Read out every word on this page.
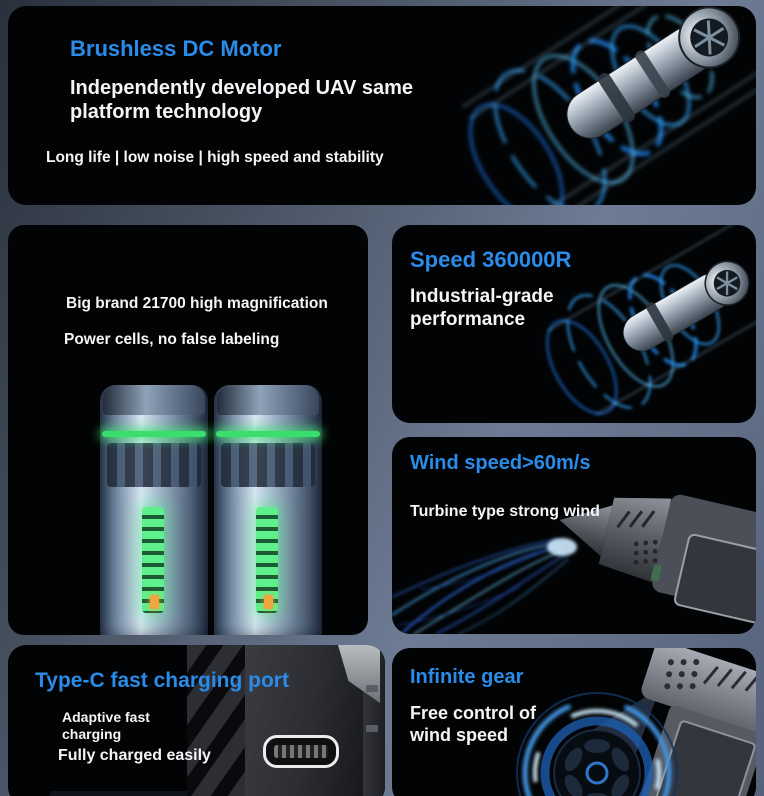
Brushless DC Motor
Independently developed UAV same platform technology
Long life | low noise | high speed and stability
Big brand 21700 high magnification
Power cells, no false labeling
Speed 360000R
Industrial-grade performance
Wind speed>60m/s
Turbine type strong wind
Type-C fast charging port
Adaptive fast charging
Fully charged easily
Infinite gear
Free control of wind speed
